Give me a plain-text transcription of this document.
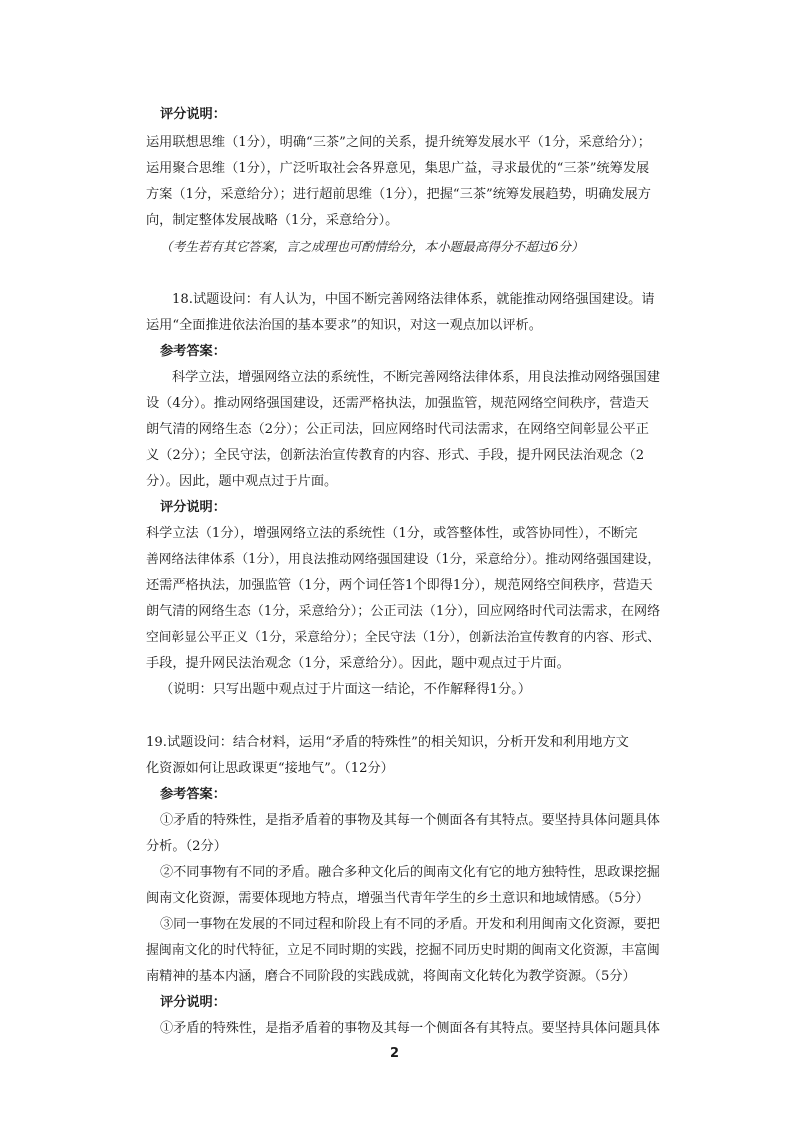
评分说明：
运用联想思维（1分），明确“三茶”之间的关系，提升统筹发展水平（1分，采意给分）；
运用聚合思维（1分），广泛听取社会各界意见，集思广益，寻求最优的“三茶”统筹发展
方案（1分，采意给分）；进行超前思维（1分），把握“三茶”统筹发展趋势，明确发展方
向，制定整体发展战略（1分，采意给分）。
（考生若有其它答案，言之成理也可酌情给分，本小题最高得分不超过6分）
18.试题设问：有人认为，中国不断完善网络法律体系，就能推动网络强国建设。请
运用“全面推进依法治国的基本要求”的知识，对这一观点加以评析。
参考答案：
科学立法，增强网络立法的系统性，不断完善网络法律体系，用良法推动网络强国建
设（4分）。推动网络强国建设，还需严格执法，加强监管，规范网络空间秩序，营造天
朗气清的网络生态（2分）；公正司法，回应网络时代司法需求，在网络空间彰显公平正
义（2分）；全民守法，创新法治宣传教育的内容、形式、手段，提升网民法治观念（2
分）。因此，题中观点过于片面。
评分说明：
科学立法（1分），增强网络立法的系统性（1分，或答整体性，或答协同性），不断完
善网络法律体系（1分），用良法推动网络强国建设（1分，采意给分）。推动网络强国建设，
还需严格执法，加强监管（1分，两个词任答1个即得1分），规范网络空间秩序，营造天
朗气清的网络生态（1分，采意给分）；公正司法（1分），回应网络时代司法需求，在网络
空间彰显公平正义（1分，采意给分）；全民守法（1分），创新法治宣传教育的内容、形式、
手段，提升网民法治观念（1分，采意给分）。因此，题中观点过于片面。
（说明：只写出题中观点过于片面这一结论，不作解释得1分。）
19.试题设问：结合材料，运用“矛盾的特殊性”的相关知识，分析开发和利用地方文
化资源如何让思政课更“接地气”。（12分）
参考答案：
①矛盾的特殊性，是指矛盾着的事物及其每一个侧面各有其特点。要坚持具体问题具体
分析。（2分）
②不同事物有不同的矛盾。融合多种文化后的闽南文化有它的地方独特性，思政课挖掘
闽南文化资源，需要体现地方特点，增强当代青年学生的乡土意识和地域情感。（5分）
③同一事物在发展的不同过程和阶段上有不同的矛盾。开发和利用闽南文化资源，要把
握闽南文化的时代特征，立足不同时期的实践，挖掘不同历史时期的闽南文化资源，丰富闽
南精神的基本内涵，磨合不同阶段的实践成就，将闽南文化转化为教学资源。（5分）
评分说明：
①矛盾的特殊性，是指矛盾着的事物及其每一个侧面各有其特点。要坚持具体问题具体
2
